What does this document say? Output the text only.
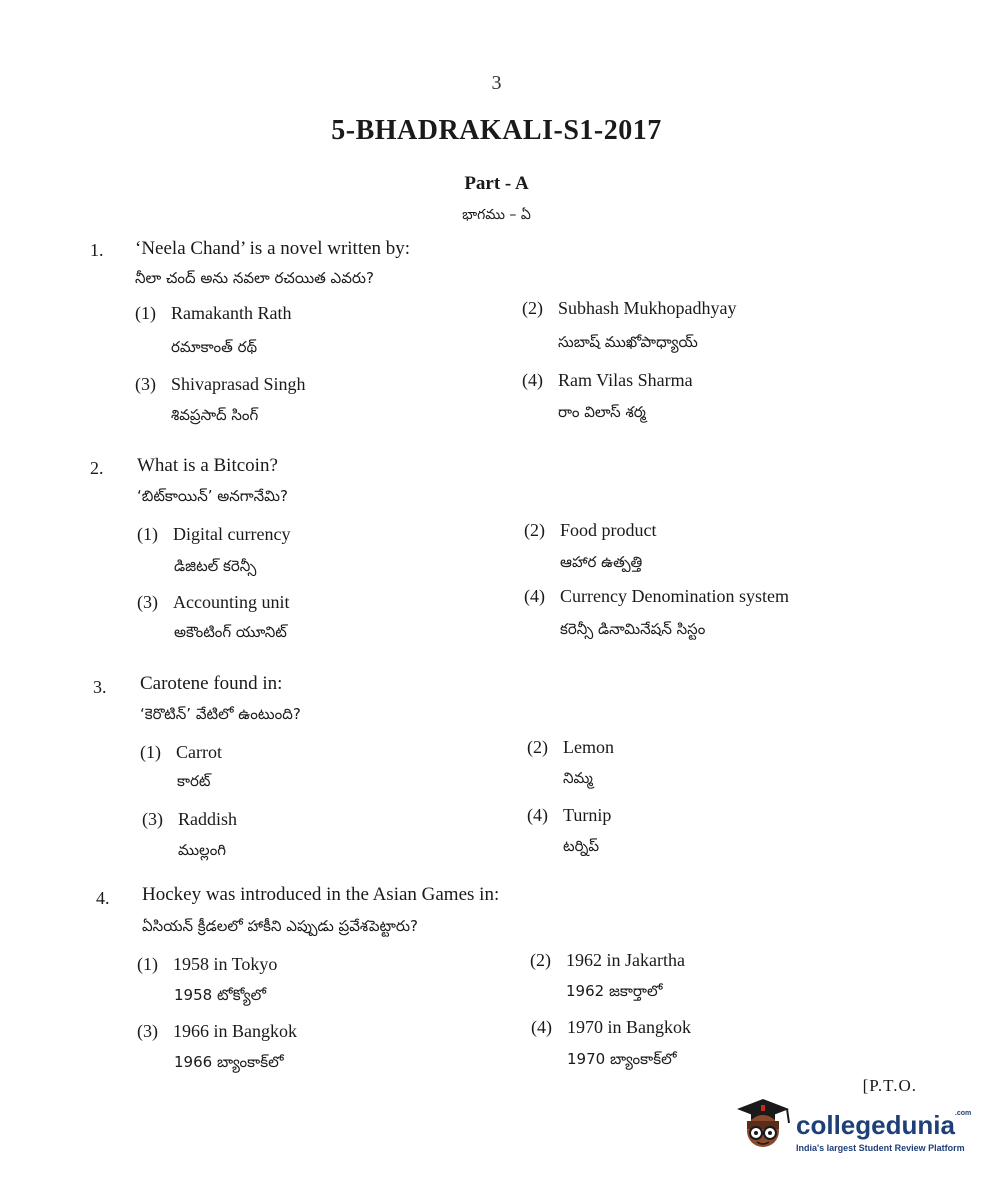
3
5-BHADRAKALI-S1-2017
Part - A
భాగము – ఏ
1. ‘Neela Chand’ is a novel written by:
నీలా చంద్ అను నవలా రచయిత ఎవరు?
(1) Ramakanth Rath
రమాకాంత్ రథ్
(2) Subhash Mukhopadhyay
సుబాష్ ముఖోపాధ్యాయ్
(3) Shivaprasad Singh
శివప్రసాద్ సింగ్
(4) Ram Vilas Sharma
రాం విలాస్ శర్మ
2. What is a Bitcoin?
‘బిట్‌కాయిన్’ అనగానేమి?
(1) Digital currency
డిజిటల్ కరెన్సీ
(2) Food product
ఆహార ఉత్పత్తి
(3) Accounting unit
అకౌంటింగ్ యూనిట్
(4) Currency Denomination system
కరెన్సీ డినామినేషన్ సిస్టం
3. Carotene found in:
‘కెరొటిన్’ వేటిలో ఉంటుంది?
(1) Carrot
కారట్
(2) Lemon
నిమ్మ
(3) Raddish
ముల్లంగి
(4) Turnip
టర్నిప్
4. Hockey was introduced in the Asian Games in:
ఏసియన్ క్రీడలలో హాకీని ఎప్పుడు ప్రవేశపెట్టారు?
(1) 1958 in Tokyo
1958 టోక్యోలో
(2) 1962 in Jakartha
1962 జకార్తాలో
(3) 1966 in Bangkok
1966 బ్యాంకాక్‌లో
(4) 1970 in Bangkok
1970 బ్యాంకాక్‌లో
[P.T.O.
collegedunia$^{.com}$
India's largest Student Review Platform
